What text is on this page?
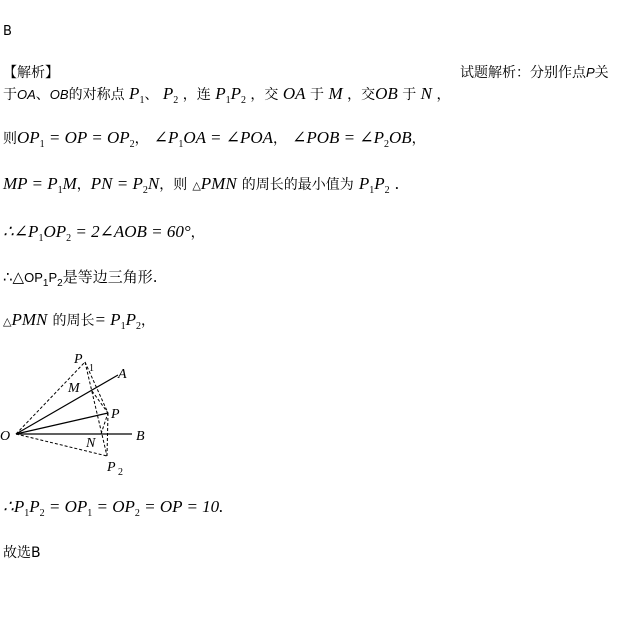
B
【解析】	试题解析：分别作点P关
于OA、OB的对称点 $P_1$、 $P_2$ ，连 $P_1P_2$ ，交 OA 于 M ，交OB 于 N ，
则$OP_1$ = OP = $OP_2$， $\angle P_1OA$ = ∠POA， ∠POB = $\angle P_2OB$，
MP = $P_1M$，PN = $P_2N$，则 △PMN 的周长的最小值为 $P_1P_2$ .
$\therefore\angle P_1OP_2$ = 2∠AOB = 60°，
$\therefore\triangle OP_1P_2$是等边三角形.
△PMN 的周长= $P_1P_2$，
O
P
1 A
M
P
N	B
P 2
$\therefore P_1P_2 = OP_1 = OP_2$ = OP = 10.
故选B
